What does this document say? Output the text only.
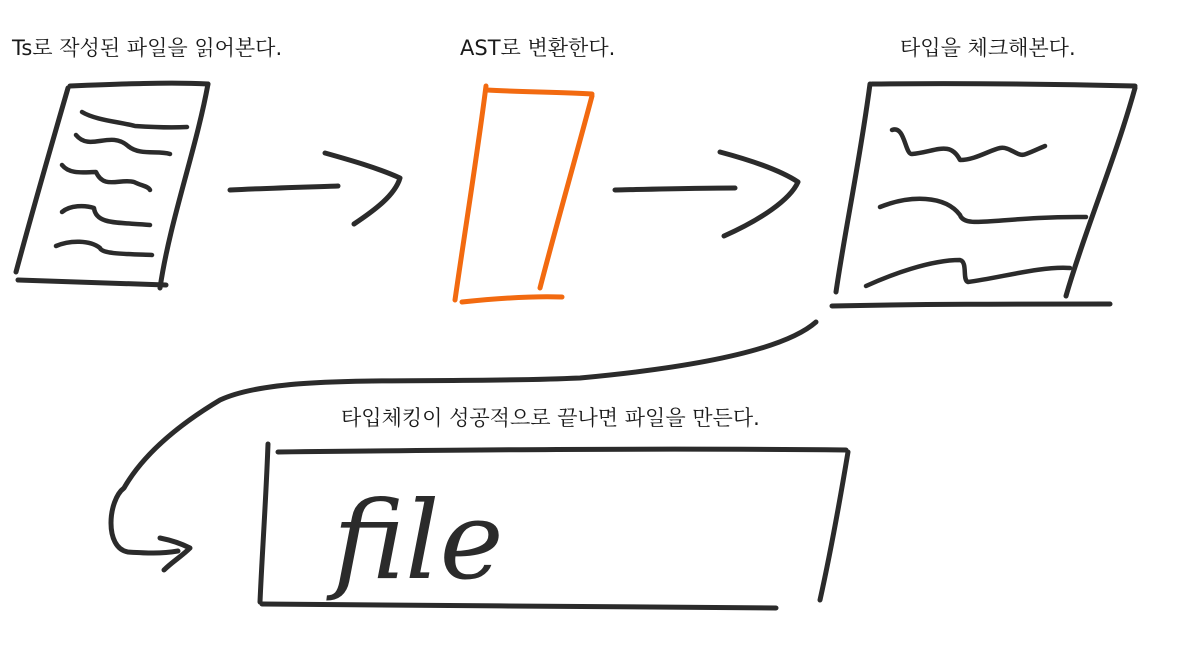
Ts로 작성된 파일을 읽어본다.	AST로 변환한다.	타입을 체크해본다.
타입체킹이 성공적으로 끝나면 파일을 만든다.
file
